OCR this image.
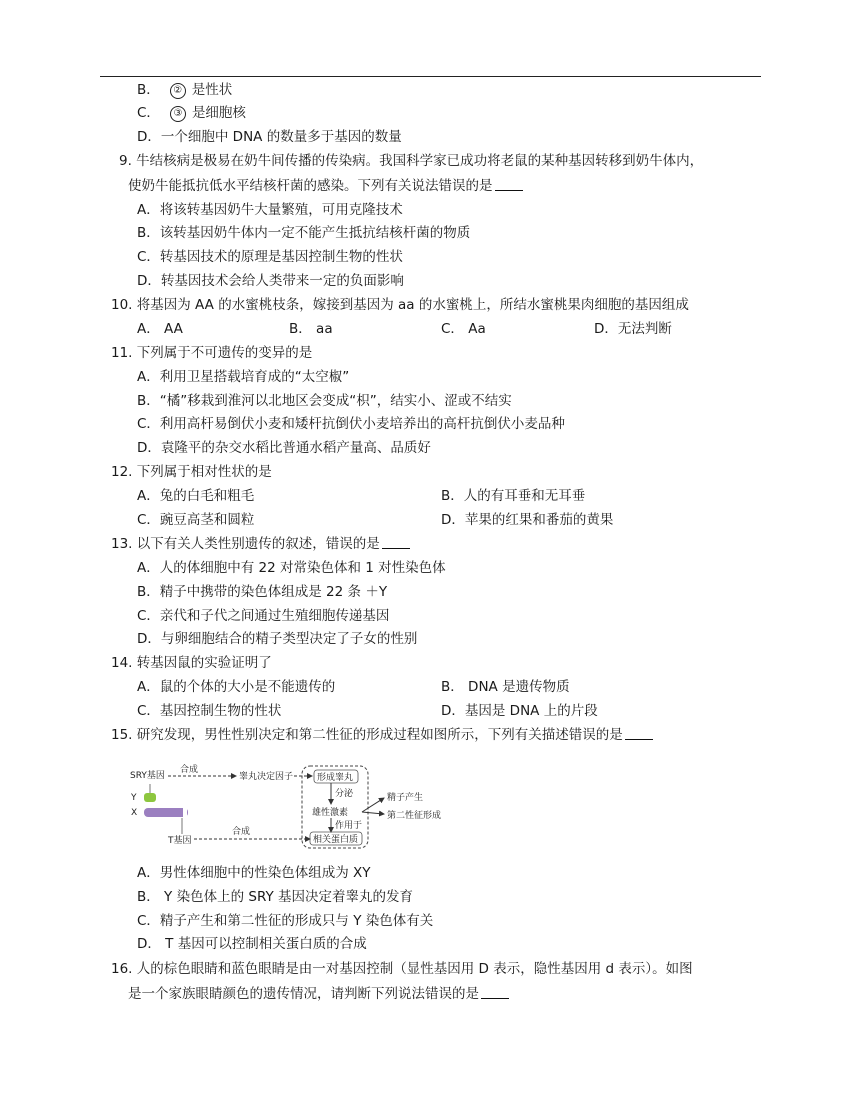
B． ② 是性状
C． ③ 是细胞核
D．一个细胞中 DNA 的数量多于基因的数量
9. 牛结核病是极易在奶牛间传播的传染病。我国科学家已成功将老鼠的某种基因转移到奶牛体内，
使奶牛能抵抗低水平结核杆菌的感染。下列有关说法错误的是
A．将该转基因奶牛大量繁殖，可用克隆技术
B．该转基因奶牛体内一定不能产生抵抗结核杆菌的物质
C．转基因技术的原理是基因控制生物的性状
D．转基因技术会给人类带来一定的负面影响
10. 将基因为 AA 的水蜜桃枝条，嫁接到基因为 aa 的水蜜桃上，所结水蜜桃果肉细胞的基因组成
A． AA	B． aa	C． Aa	D．无法判断
11. 下列属于不可遗传的变异的是
A．利用卫星搭载培育成的“太空椒”
B．“橘”移栽到淮河以北地区会变成“枳”，结实小、涩或不结实
C．利用高杆易倒伏小麦和矮杆抗倒伏小麦培养出的高杆抗倒伏小麦品种
D．袁隆平的杂交水稻比普通水稻产量高、品质好
12. 下列属于相对性状的是
A．兔的白毛和粗毛	B．人的有耳垂和无耳垂
C．豌豆高茎和圆粒	D．苹果的红果和番茄的黄果
13. 以下有关人类性别遗传的叙述，错误的是
A．人的体细胞中有 22 对常染色体和 1 对性染色体
B．精子中携带的染色体组成是 22 条 ＋Y
C．亲代和子代之间通过生殖细胞传递基因
D．与卵细胞结合的精子类型决定了子女的性别
14. 转基因鼠的实验证明了
A．鼠的个体的大小是不能遗传的	B． DNA 是遗传物质
C．基因控制生物的性状	D．基因是 DNA 上的片段
15. 研究发现，男性性别决定和第二性征的形成过程如图所示，下列有关描述错误的是
SRY基因
合成
睾丸决定因子
Y
X
T基因
合成
形成睾丸
分泌
雄性激素
作用于
相关蛋白质
精子产生
第二性征形成
A．男性体细胞中的性染色体组成为 XY
B． Y 染色体上的 SRY 基因决定着睾丸的发育
C．精子产生和第二性征的形成只与 Y 染色体有关
D． T 基因可以控制相关蛋白质的合成
16. 人的棕色眼睛和蓝色眼睛是由一对基因控制（显性基因用 D 表示，隐性基因用 d 表示）。如图
是一个家族眼睛颜色的遗传情况，请判断下列说法错误的是
